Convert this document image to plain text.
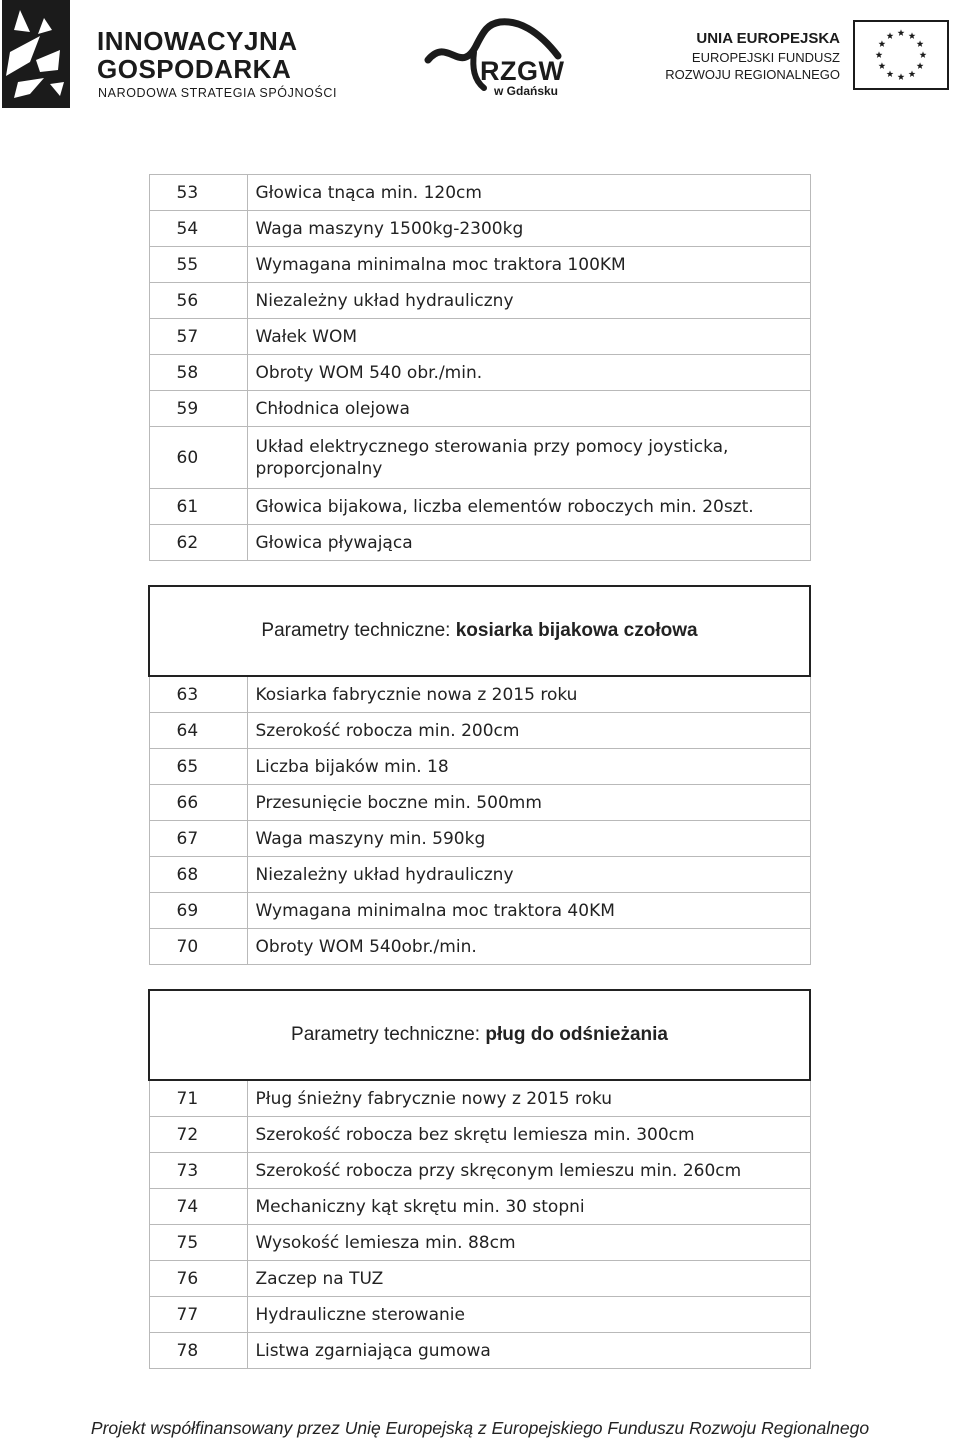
INNOWACYJNA
GOSPODARKA
NARODOWA STRATEGIA SPÓJNOŚCI
RZGW
w Gdańsku
UNIA EUROPEJSKA
EUROPEJSKI FUNDUSZ
ROZWOJU REGIONALNEGO
53	Głowica tnąca min. 120cm
54	Waga maszyny 1500kg-2300kg
55	Wymagana minimalna moc traktora 100KM
56	Niezależny układ hydrauliczny
57	Wałek WOM
58	Obroty WOM 540 obr./min.
59	Chłodnica olejowa
60	Układ elektrycznego sterowania przy pomocy joysticka, proporcjonalny
61	Głowica bijakowa, liczba elementów roboczych min. 20szt.
62	Głowica pływająca

Parametry techniczne: kosiarka bijakowa czołowa	
63	Kosiarka fabrycznie nowa z 2015 roku
64	Szerokość robocza min. 200cm
65	Liczba bijaków min. 18
66	Przesunięcie boczne min. 500mm
67	Waga maszyny min. 590kg
68	Niezależny układ hydrauliczny
69	Wymagana minimalna moc traktora 40KM
70	Obroty WOM 540obr./min.

Parametry techniczne: pług do odśnieżania	
71	Pług śnieżny fabrycznie nowy z 2015 roku
72	Szerokość robocza bez skrętu lemiesza min. 300cm
73	Szerokość robocza przy skręconym lemieszu min. 260cm
74	Mechaniczny kąt skrętu min. 30 stopni
75	Wysokość lemiesza min. 88cm
76	Zaczep na TUZ
77	Hydrauliczne sterowanie
78	Listwa zgarniająca gumowa
Projekt współfinansowany przez Unię Europejską z Europejskiego Funduszu Rozwoju Regionalnego
